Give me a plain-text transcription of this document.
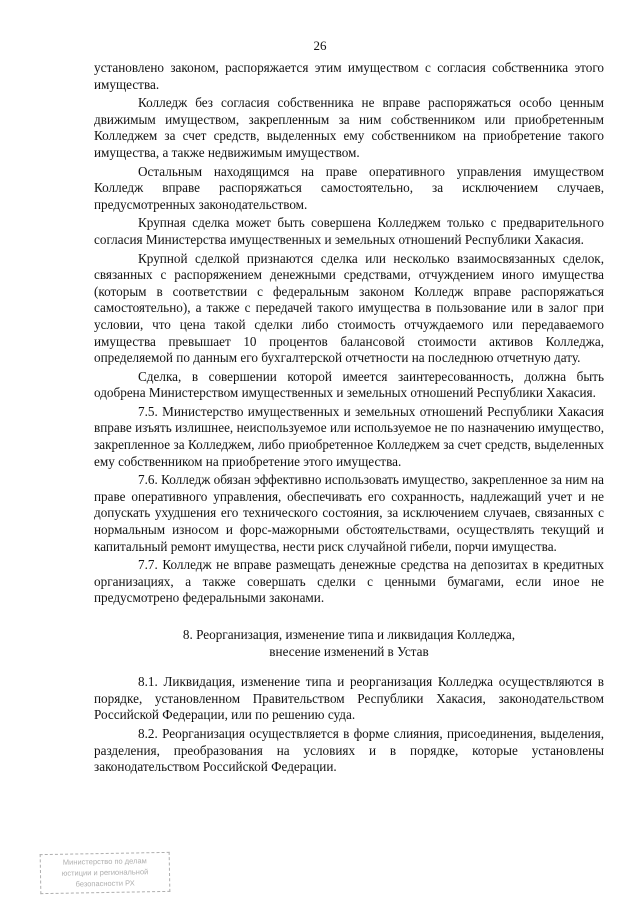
26

установлено законом, распоряжается этим имуществом с согласия собственника этого имущества.

Колледж без согласия собственника не вправе распоряжаться особо ценным движимым имуществом, закрепленным за ним собственником или приобретенным Колледжем за счет средств, выделенных ему собственником на приобретение такого имущества, а также недвижимым имуществом.

Остальным находящимся на праве оперативного управления имуществом Колледж вправе распоряжаться самостоятельно, за исключением случаев, предусмотренных законодательством.

Крупная сделка может быть совершена Колледжем только с предварительного согласия Министерства имущественных и земельных отношений Республики Хакасия.

Крупной сделкой признаются сделка или несколько взаимосвязанных сделок, связанных с распоряжением денежными средствами, отчуждением иного имущества (которым в соответствии с федеральным законом Колледж вправе распоряжаться самостоятельно), а также с передачей такого имущества в пользование или в залог при условии, что цена такой сделки либо стоимость отчуждаемого или передаваемого имущества превышает 10 процентов балансовой стоимости активов Колледжа, определяемой по данным его бухгалтерской отчетности на последнюю отчетную дату.

Сделка, в совершении которой имеется заинтересованность, должна быть одобрена Министерством имущественных и земельных отношений Республики Хакасия.

7.5. Министерство имущественных и земельных отношений Республики Хакасия вправе изъять излишнее, неиспользуемое или используемое не по назначению имущество, закрепленное за Колледжем, либо приобретенное Колледжем за счет средств, выделенных ему собственником на приобретение этого имущества.

7.6. Колледж обязан эффективно использовать имущество, закрепленное за ним на праве оперативного управления, обеспечивать его сохранность, надлежащий учет и не допускать ухудшения его технического состояния, за исключением случаев, связанных с нормальным износом и форс-мажорными обстоятельствами, осуществлять текущий и капитальный ремонт имущества, нести риск случайной гибели, порчи имущества.

7.7. Колледж не вправе размещать денежные средства на депозитах в кредитных организациях, а также совершать сделки с ценными бумагами, если иное не предусмотрено федеральными законами.

8. Реорганизация, изменение типа и ликвидация Колледжа,
внесение изменений в Устав

8.1. Ликвидация, изменение типа и реорганизация Колледжа осуществляются в порядке, установленном Правительством Республики Хакасия, законодательством Российской Федерации, или по решению суда.

8.2. Реорганизация осуществляется в форме слияния, присоединения, выделения, разделения, преобразования на условиях и в порядке, которые установлены законодательством Российской Федерации.

Министерство по делам
юстиции и региональной
безопасности РХ
